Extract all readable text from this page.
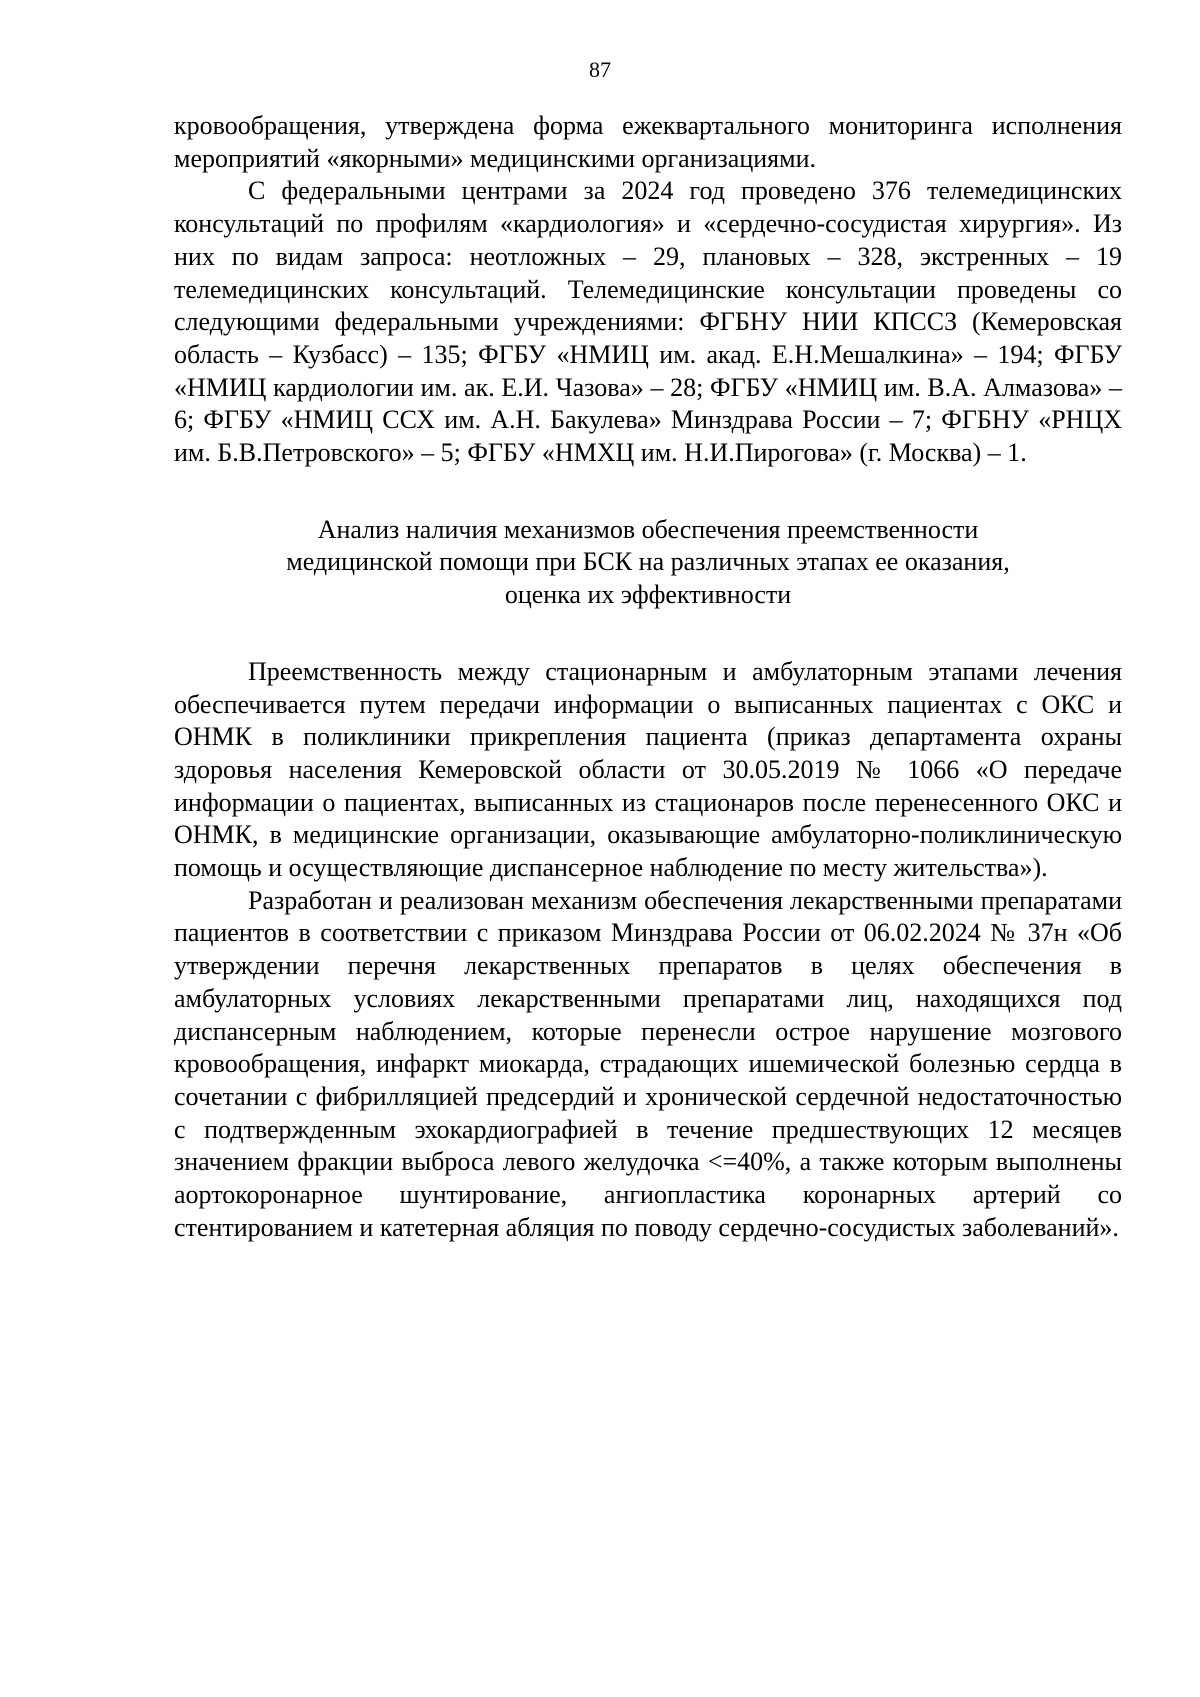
87

кровообращения, утверждена форма ежеквартального мониторинга исполнения мероприятий «якорными» медицинскими организациями.

С федеральными центрами за 2024 год проведено 376 телемедицинских консультаций по профилям «кардиология» и «сердечно-сосудистая хирургия». Из них по видам запроса: неотложных – 29, плановых – 328, экстренных – 19 телемедицинских консультаций. Телемедицинские консультации проведены со следующими федеральными учреждениями: ФГБНУ НИИ КПССЗ (Кемеровская область – Кузбасс) – 135; ФГБУ «НМИЦ им. акад. Е.Н.Мешалкина» – 194; ФГБУ «НМИЦ кардиологии им. ак. Е.И. Чазова» – 28; ФГБУ «НМИЦ им. В.А. Алмазова» – 6; ФГБУ «НМИЦ ССХ им. А.Н. Бакулева» Минздрава России – 7; ФГБНУ «РНЦХ им. Б.В.Петровского» – 5; ФГБУ «НМХЦ им. Н.И.Пирогова» (г. Москва) – 1.

Анализ наличия механизмов обеспечения преемственности
медицинской помощи при БСК на различных этапах ее оказания,
оценка их эффективности

Преемственность между стационарным и амбулаторным этапами лечения обеспечивается путем передачи информации о выписанных пациентах с ОКС и ОНМК в поликлиники прикрепления пациента (приказ департамента охраны здоровья населения Кемеровской области от 30.05.2019 № 1066 «О передаче информации о пациентах, выписанных из стационаров после перенесенного ОКС и ОНМК, в медицинские организации, оказывающие амбулаторно-поликлиническую помощь и осуществляющие диспансерное наблюдение по месту жительства»).

Разработан и реализован механизм обеспечения лекарственными препаратами пациентов в соответствии с приказом Минздрава России от 06.02.2024 № 37н «Об утверждении перечня лекарственных препаратов в целях обеспечения в амбулаторных условиях лекарственными препаратами лиц, находящихся под диспансерным наблюдением, которые перенесли острое нарушение мозгового кровообращения, инфаркт миокарда, страдающих ишемической болезнью сердца в сочетании с фибрилляцией предсердий и хронической сердечной недостаточностью с подтвержденным эхокардиографией в течение предшествующих 12 месяцев значением фракции выброса левого желудочка <=40%, а также которым выполнены аортокоронарное шунтирование, ангиопластика коронарных артерий со стентированием и катетерная абляция по поводу сердечно-сосудистых заболеваний».
